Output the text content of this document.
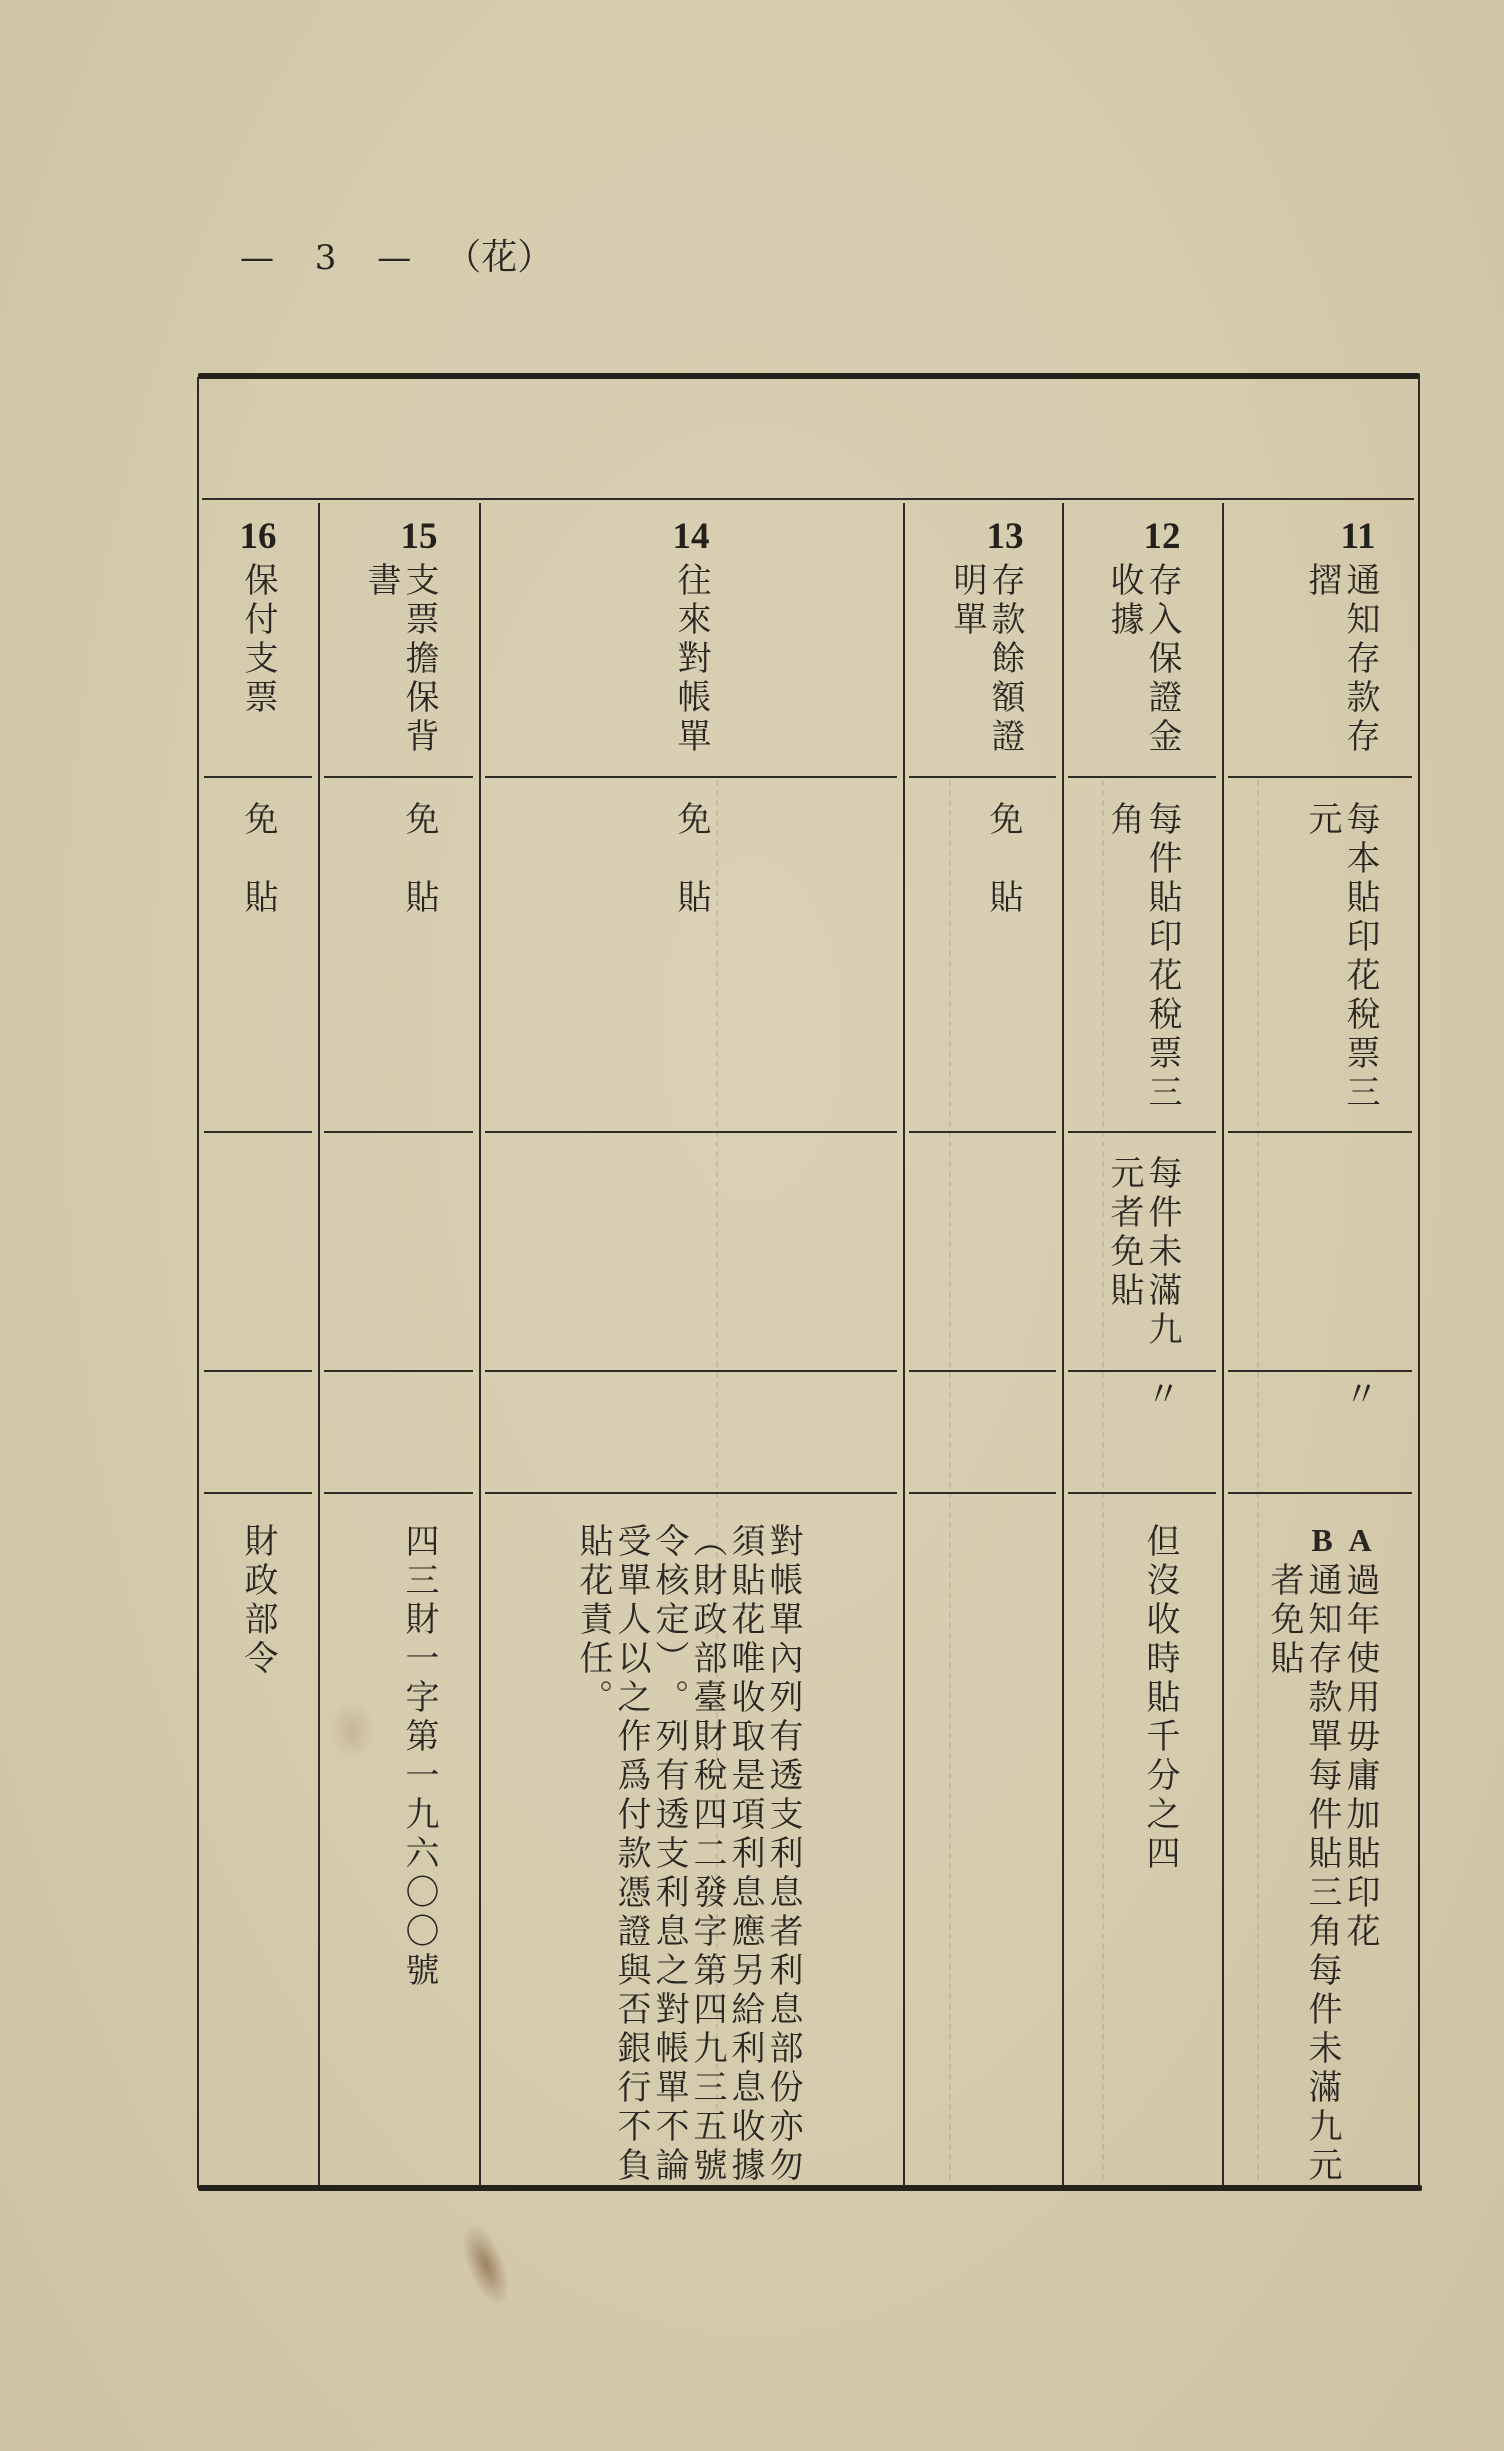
— 3 — （花）
16
保付支票
免貼
財政部令
15
支票擔保背
書
免貼
四三財一字第一九六〇〇號
14
往來對帳單
免貼
對帳單內列有透支利息者利息部份亦勿
須貼花唯收取是項利息應另給利息收據
︵財政部臺財稅四二發字第四九三五號
令核定︶。列有透支利息之對帳單不論
受單人以之作爲付款憑證與否銀行不負
貼花責任。
13
存款餘額證
明單
免貼
12
存入保證金
收據
每件貼印花稅票三
角
每件未滿九
元者免貼
〃
但沒收時貼千分之四
11
通知存款存
摺
每本貼印花稅票三
元
〃
A過年使用毋庸加貼印花
B通知存款單每件貼三角每件未滿九元
者免貼
